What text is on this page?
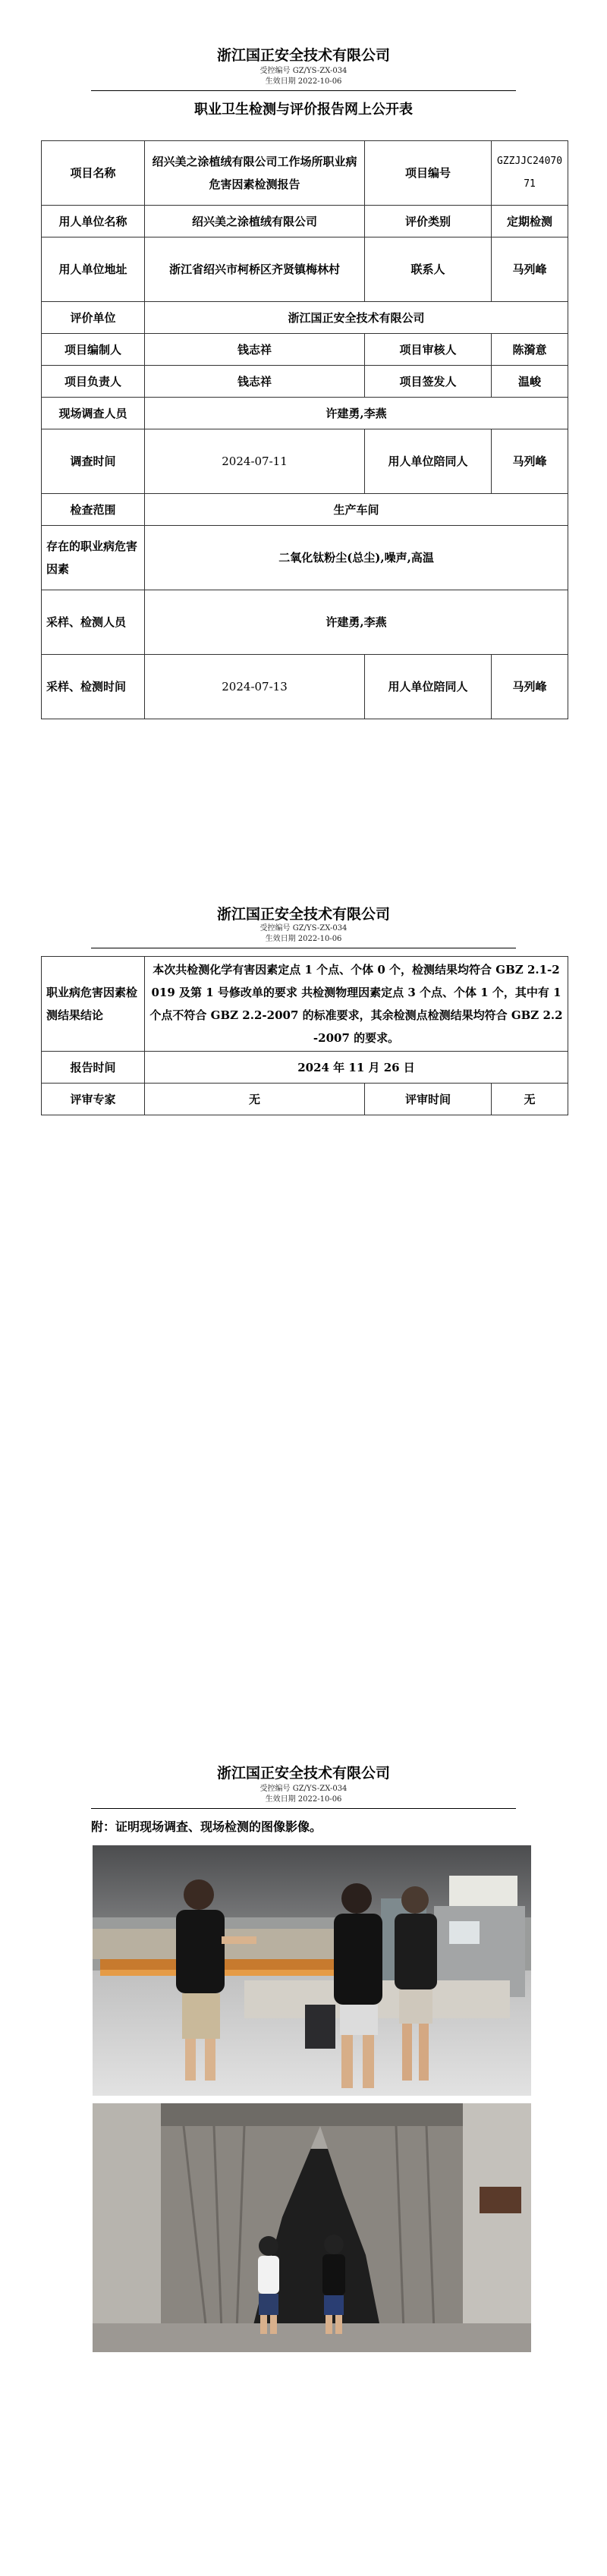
浙江国正安全技术有限公司
受控编号 GZ/YS-ZX-034
生效日期 2022-10-06
职业卫生检测与评价报告网上公开表
项目名称	绍兴美之涂植绒有限公司工作场所职业病危害因素检测报告	项目编号	GZZJJC2407071
用人单位名称	绍兴美之涂植绒有限公司	评价类别	定期检测
用人单位地址	浙江省绍兴市柯桥区齐贤镇梅林村	联系人	马列峰
评价单位	浙江国正安全技术有限公司		
项目编制人	钱志祥	项目审核人	陈漪意
项目负责人	钱志祥	项目签发人	温峻
现场调查人员	许建勇,李燕		
调查时间	2024-07-11	用人单位陪同人	马列峰
检查范围	生产车间		
存在的职业病危害因素	二氧化钛粉尘(总尘),噪声,高温		
采样、检测人员	许建勇,李燕		
采样、检测时间	2024-07-13	用人单位陪同人	马列峰
浙江国正安全技术有限公司
受控编号 GZ/YS-ZX-034
生效日期 2022-10-06
职业病危害因素检测结果结论	本次共检测化学有害因素定点 1 个点、个体 0 个，检测结果均符合 GBZ 2.1-2019 及第 1 号修改单的要求 共检测物理因素定点 3 个点、个体 1 个，其中有 1 个点不符合 GBZ 2.2-2007 的标准要求，其余检测点检测结果均符合 GBZ 2.2-2007 的要求。		
报告时间	2024 年 11 月 26 日		
评审专家	无	评审时间	无
浙江国正安全技术有限公司
受控编号 GZ/YS-ZX-034
生效日期 2022-10-06
附：证明现场调查、现场检测的图像影像。
